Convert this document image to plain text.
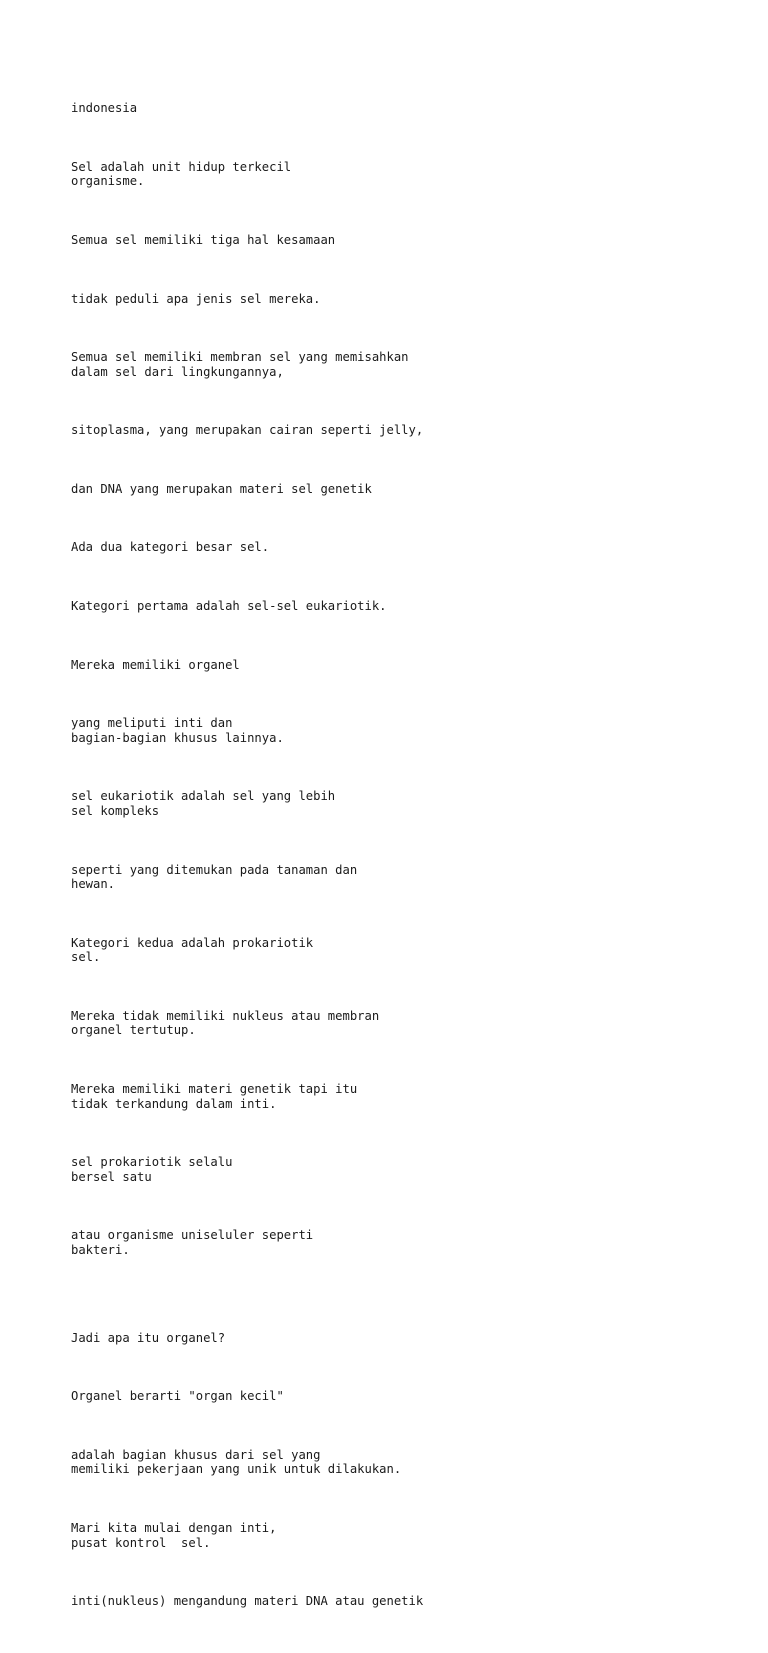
indonesia

Sel adalah unit hidup terkecil
organisme.

Semua sel memiliki tiga hal kesamaan

tidak peduli apa jenis sel mereka.

Semua sel memiliki membran sel yang memisahkan
dalam sel dari lingkungannya,

sitoplasma, yang merupakan cairan seperti jelly,

dan DNA yang merupakan materi sel genetik

Ada dua kategori besar sel.

Kategori pertama adalah sel-sel eukariotik.

Mereka memiliki organel

yang meliputi inti dan
bagian-bagian khusus lainnya.

sel eukariotik adalah sel yang lebih
sel kompleks

seperti yang ditemukan pada tanaman dan
hewan.

Kategori kedua adalah prokariotik
sel.

Mereka tidak memiliki nukleus atau membran
organel tertutup.

Mereka memiliki materi genetik tapi itu
tidak terkandung dalam inti.

sel prokariotik selalu
bersel satu

atau organisme uniseluler seperti
bakteri.

Jadi apa itu organel?

Organel berarti "organ kecil"

adalah bagian khusus dari sel yang
memiliki pekerjaan yang unik untuk dilakukan.

Mari kita mulai dengan inti,
pusat kontrol  sel.

inti(nukleus) mengandung materi DNA atau genetik
